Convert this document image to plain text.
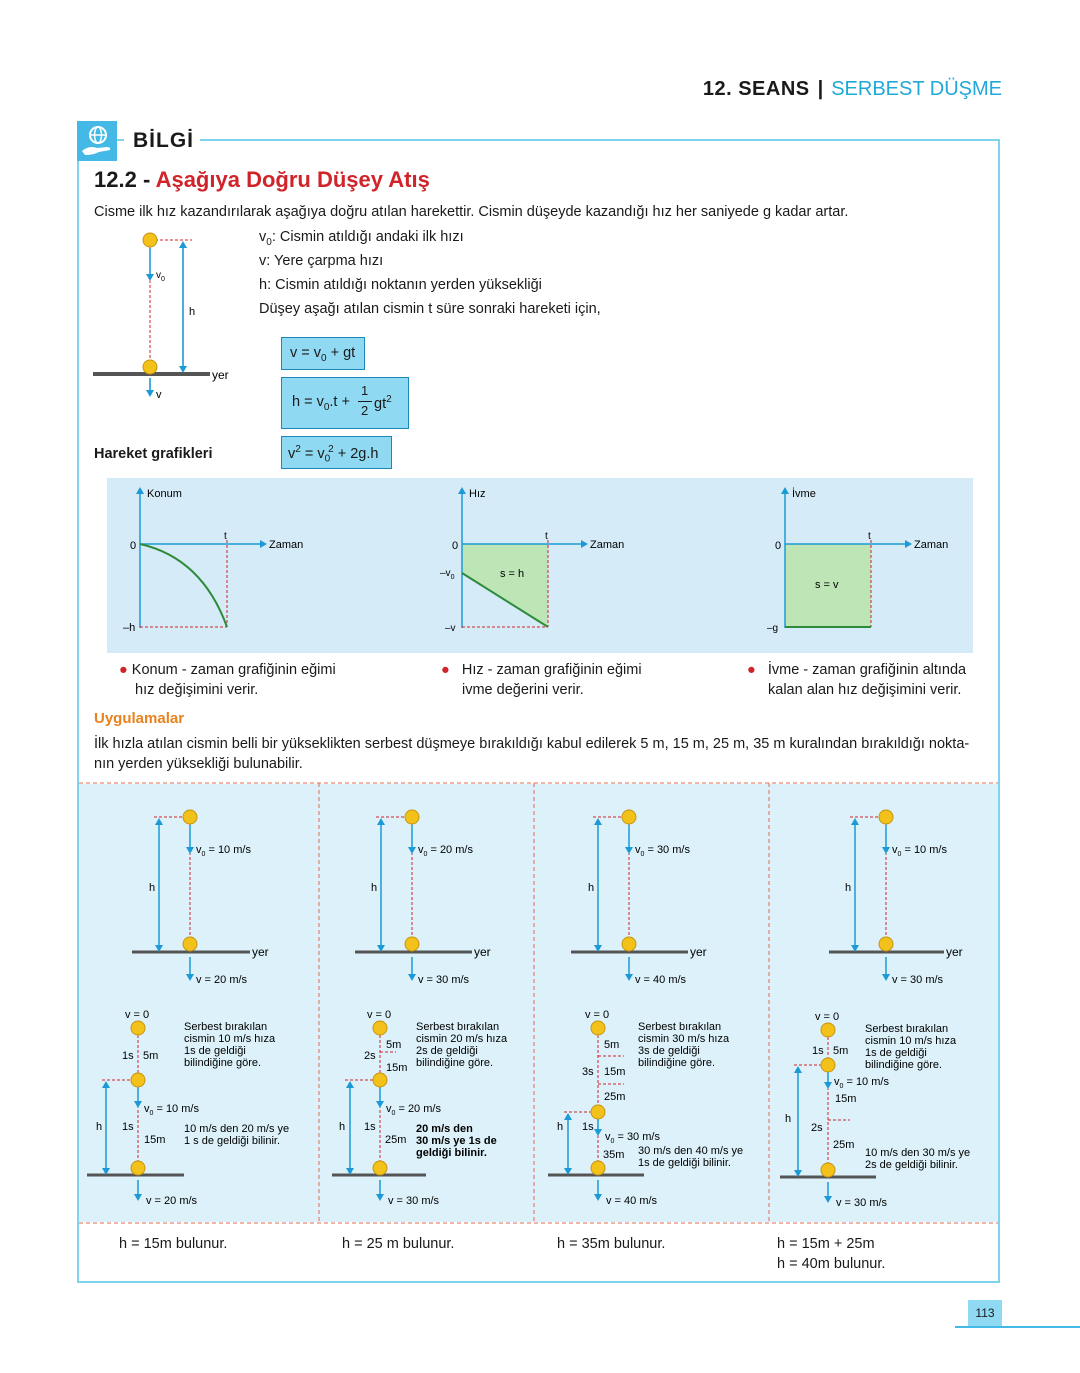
12. SEANS | SERBEST DÜŞME
BİLGİ
12.2 - Aşağıya Doğru Düşey Atış
Cisme ilk hız kazandırılarak aşağıya doğru atılan harekettir. Cismin düşeyde kazandığı hız her saniyede g kadar artar.
$v_0$: Cismin atıldığı andaki ilk hızı
v: Yere çarpma hızı
h: Cismin atıldığı noktanın yerden yüksekliği
Düşey aşağı atılan cismin t süre sonraki hareketi için,
$v_0$
h
yer
v
$v = v_0$ + gt
$h = v_0.t$ +
1
2 $gt^2$
$v^2 = v_0^2 + 2g.h$
Hareket grafikleri
Konum
Zaman
0
t
–h
Hız
Zaman
0
t
$-v_0$
–v
s = h
İvme
Zaman
0
t
–g
s = v
● Konum - zaman grafiğinin eğimi
hız değişimini verir.
● Hız - zaman grafiğinin eğimi
ivme değerini verir.
● İvme - zaman grafiğinin altında
kalan alan hız değişimini verir.
Uygulamalar
İlk hızla atılan cismin belli bir yükseklikten serbest düşmeye bırakıldığı kabul edilerek 5 m, 15 m, 25 m, 35 m kuralından bırakıldığı nokta-
nın yerden yüksekliği bulunabilir.
$v_0 = 10$ m/s
h
yer
v = 20 m/s
v = 0
1s 5m
Serbest bırakılan
cismin 10 m/s hıza
1s de geldiği
bilindiğine göre.
$v_0 = 10$ m/s
h 1s
15m
10 m/s den 20 m/s ye
1 s de geldiği bilinir.
v = 20 m/s
$v_0 = 20$ m/s
h
yer
v = 30 m/s
v = 0
2s
5m
15m
Serbest bırakılan
cismin 20 m/s hıza
2s de geldiği
bilindiğine göre.
$v_0 = 20$ m/s
h 1s
25m
20 m/s den
30 m/s ye 1s de
geldiği bilinir.
v = 30 m/s
$v_0 = 30$ m/s
h
yer
v = 40 m/s
v = 0
3s
5m
15m
25m
Serbest bırakılan
cismin 30 m/s hıza
3s de geldiği
bilindiğine göre.
$v_0 = 30$ m/s
h 1s
35m 30 m/s den 40 m/s ye
1s de geldiği bilinir.
v = 40 m/s
$v_0 = 10$ m/s
h
yer
v = 30 m/s
v = 0
1s 5m
Serbest bırakılan
cismin 10 m/s hıza
1s de geldiği
bilindiğine göre.
$v_0 = 10$ m/s
h
2s
15m
25m
10 m/s den 30 m/s ye
2s de geldiği bilinir.
v = 30 m/s
h = 15m bulunur.	h = 25 m bulunur.	h = 35m bulunur.	h = 15m + 25m
h = 40m bulunur.
113
